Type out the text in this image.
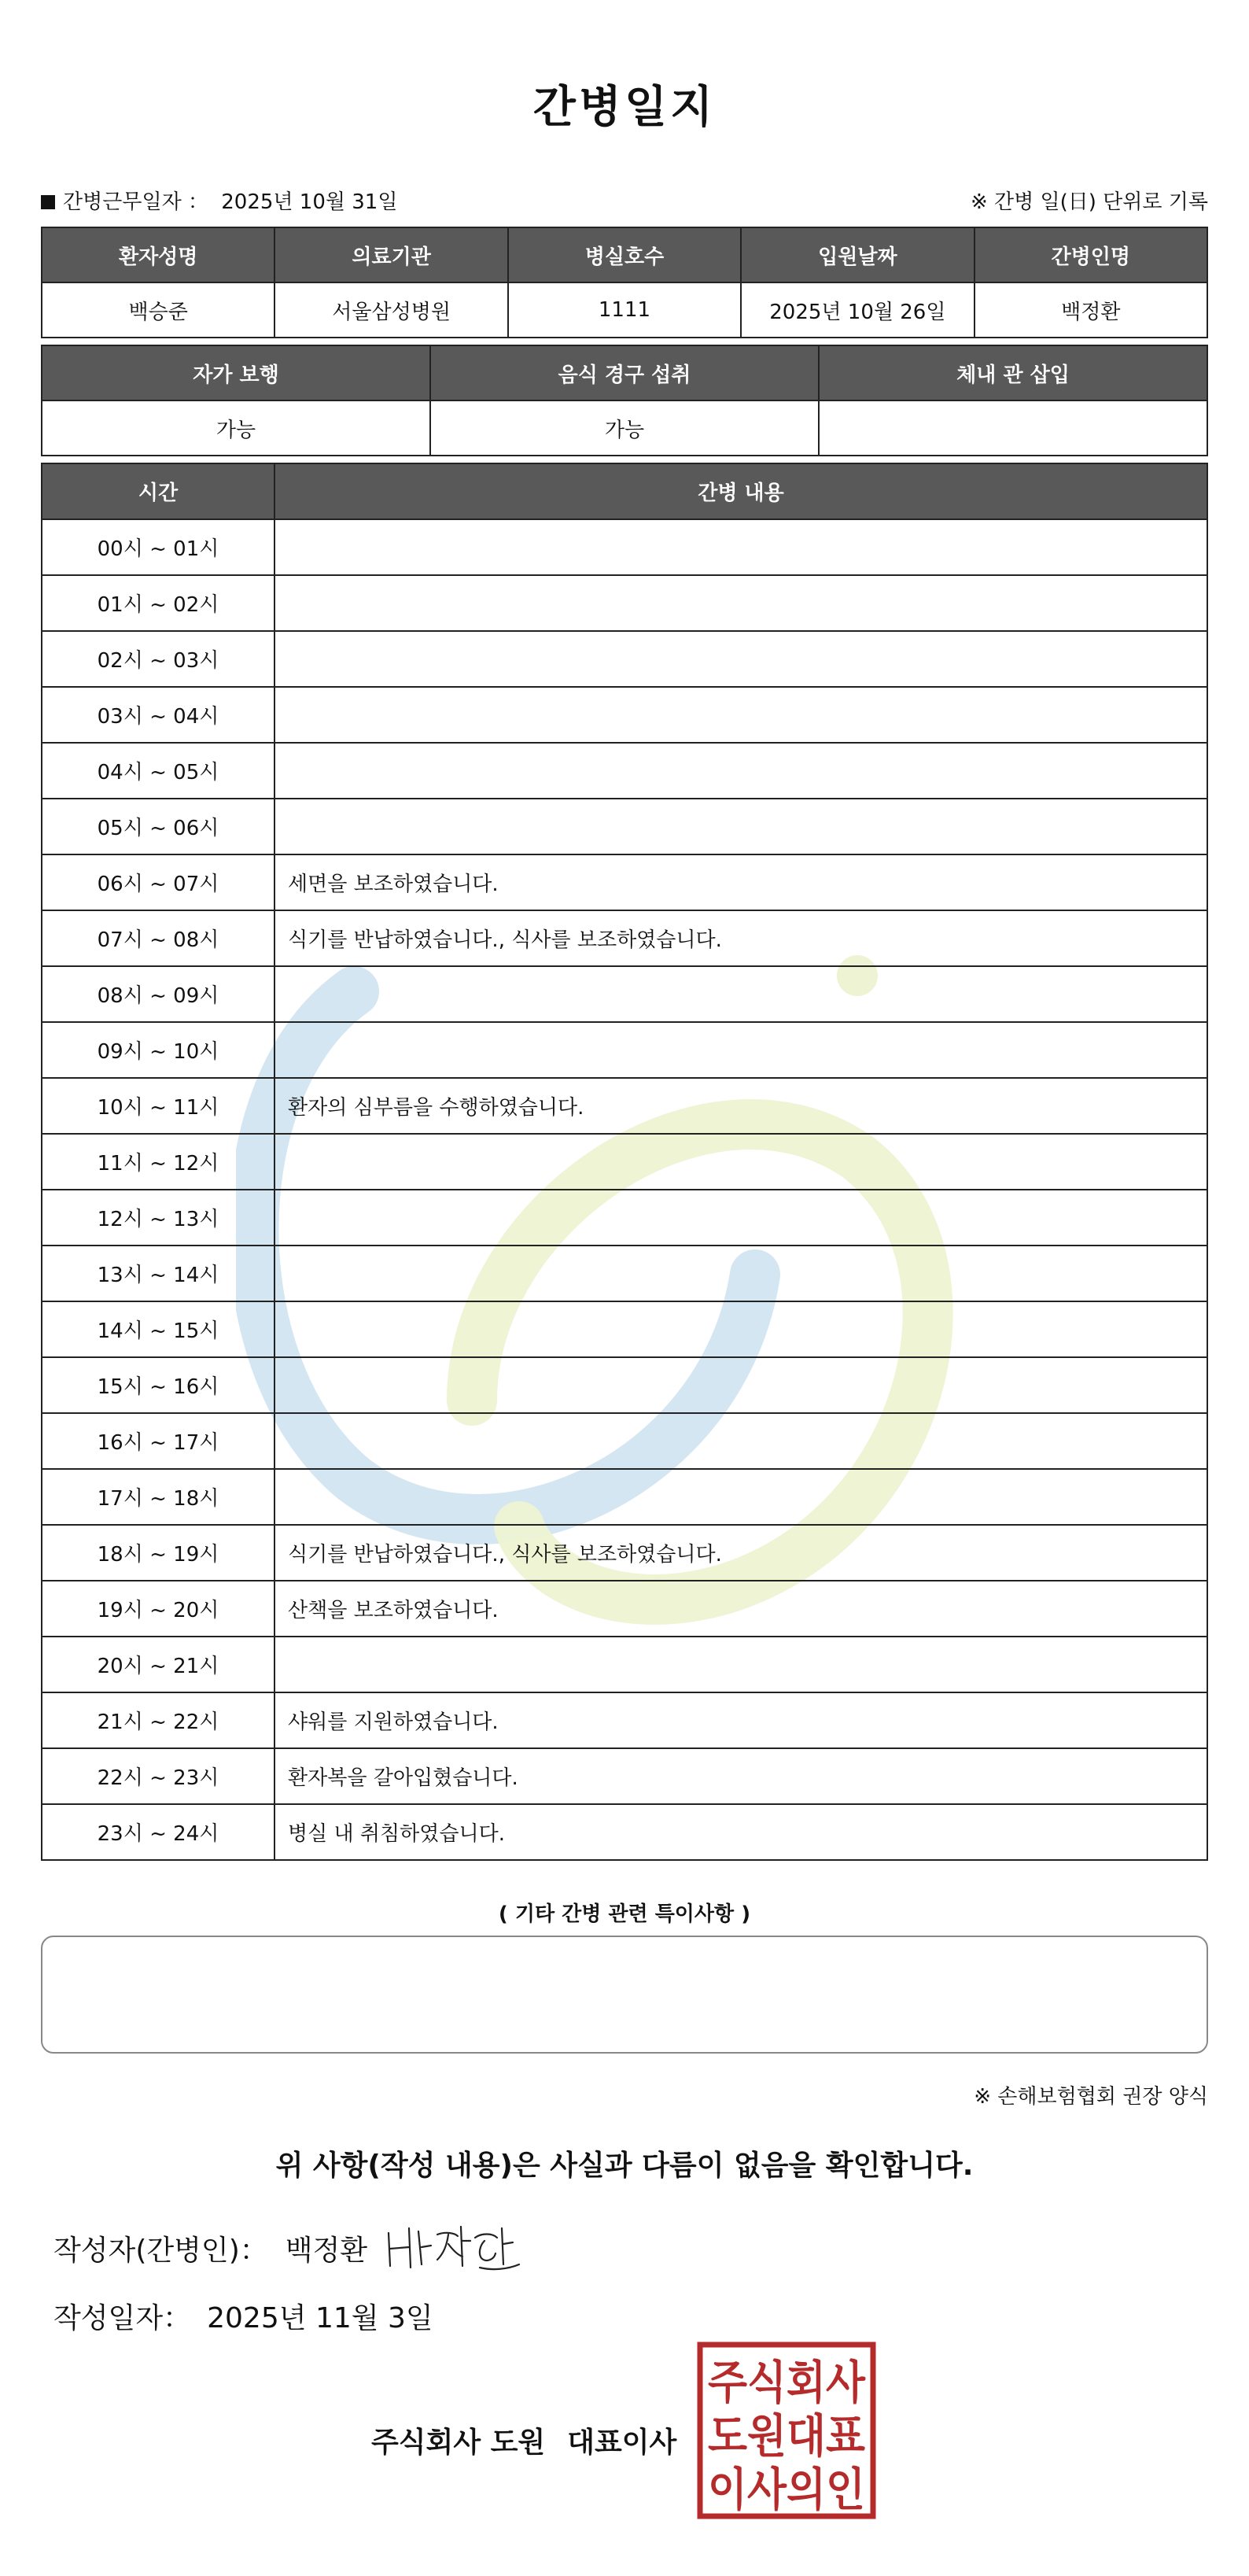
간병일지
간병근무일자 ： 2025년 10월 31일	※ 간병 일(日) 단위로 기록
환자성명	의료기관	병실호수	입원날짜	간병인명
백승준	서울삼성병원	1111	2025년 10월 26일	백정환
자가 보행	음식 경구 섭취	체내 관 삽입
가능	가능	
시간	간병 내용
00시 ~ 01시	
01시 ~ 02시	
02시 ~ 03시	
03시 ~ 04시	
04시 ~ 05시	
05시 ~ 06시	
06시 ~ 07시	세면을 보조하였습니다.
07시 ~ 08시	식기를 반납하였습니다., 식사를 보조하였습니다.
08시 ~ 09시	
09시 ~ 10시	
10시 ~ 11시	환자의 심부름을 수행하였습니다.
11시 ~ 12시	
12시 ~ 13시	
13시 ~ 14시	
14시 ~ 15시	
15시 ~ 16시	
16시 ~ 17시	
17시 ~ 18시	
18시 ~ 19시	식기를 반납하였습니다., 식사를 보조하였습니다.
19시 ~ 20시	산책을 보조하였습니다.
20시 ~ 21시	
21시 ~ 22시	샤워를 지원하였습니다.
22시 ~ 23시	환자복을 갈아입혔습니다.
23시 ~ 24시	병실 내 취침하였습니다.
( 기타 간병 관련 특이사항 )
※ 손해보험협회 권장 양식
위 사항(작성 내용)은 사실과 다름이 없음을 확인합니다.
작성자(간병인)： 백정환
작성일자： 2025년 11월 3일
주식회사 도원 대표이사
주식회사
도원대표
이사의인
